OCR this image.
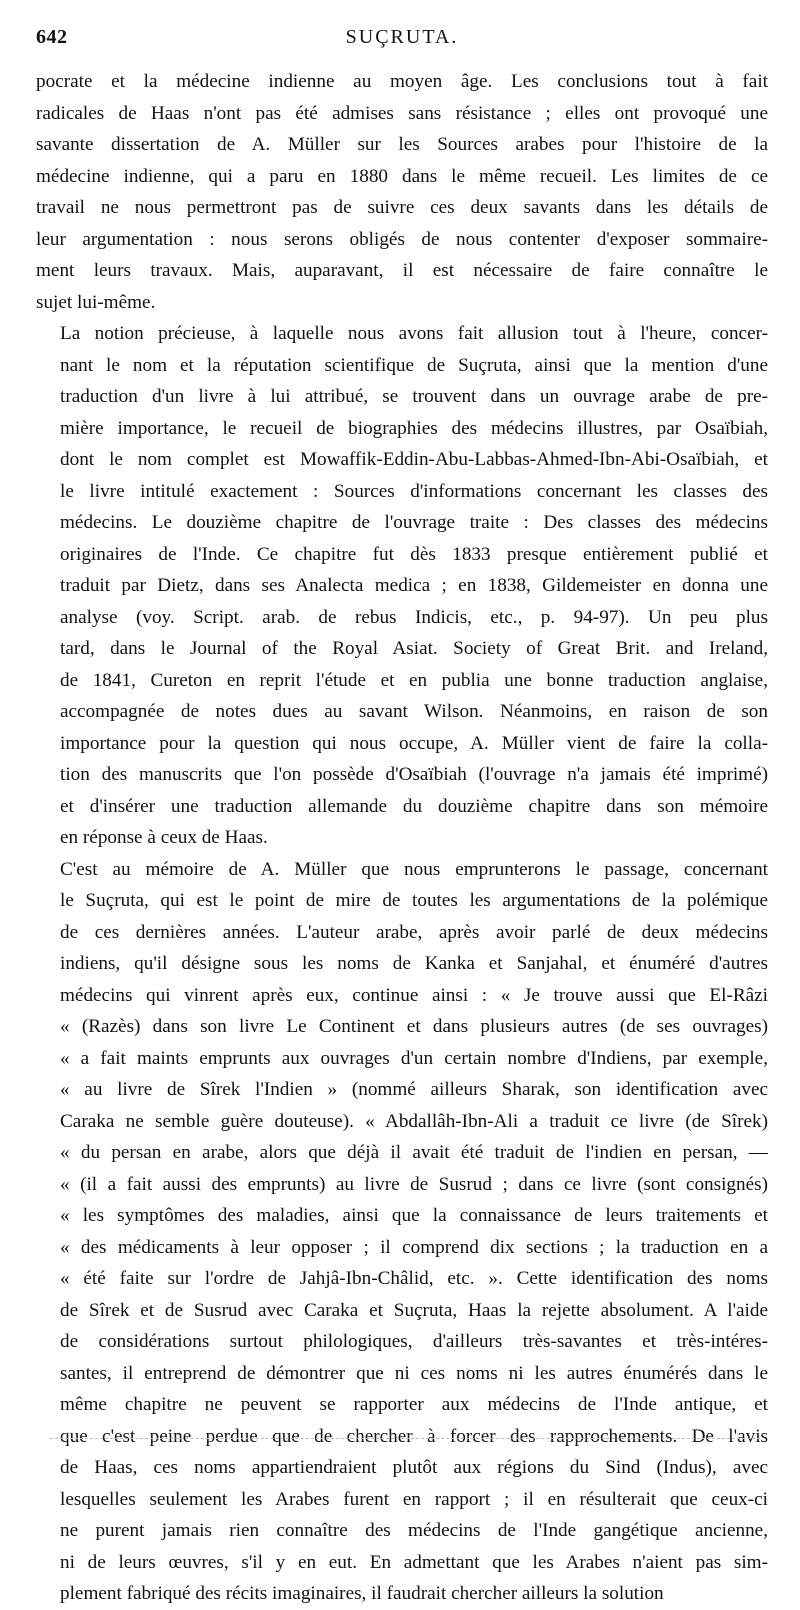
642	SUÇRUTA.

pocrate et la médecine indienne au moyen âge. Les conclusions tout à fait
radicales de Haas n'ont pas été admises sans résistance ; elles ont provoqué une
savante dissertation de A. Müller sur les Sources arabes pour l'histoire de la
médecine indienne, qui a paru en 1880 dans le même recueil. Les limites de ce
travail ne nous permettront pas de suivre ces deux savants dans les détails de
leur argumentation : nous serons obligés de nous contenter d'exposer sommaire-
ment leurs travaux. Mais, auparavant, il est nécessaire de faire connaître le
sujet lui-même.

La notion précieuse, à laquelle nous avons fait allusion tout à l'heure, concer-
nant le nom et la réputation scientifique de Suçruta, ainsi que la mention d'une
traduction d'un livre à lui attribué, se trouvent dans un ouvrage arabe de pre-
mière importance, le recueil de biographies des médecins illustres, par Osaïbiah,
dont le nom complet est Mowaffik-Eddin-Abu-Labbas-Ahmed-Ibn-Abi-Osaïbiah, et
le livre intitulé exactement : Sources d'informations concernant les classes des
médecins. Le douzième chapitre de l'ouvrage traite : Des classes des médecins
originaires de l'Inde. Ce chapitre fut dès 1833 presque entièrement publié et
traduit par Dietz, dans ses Analecta medica ; en 1838, Gildemeister en donna une
analyse (voy. Script. arab. de rebus Indicis, etc., p. 94-97). Un peu plus
tard, dans le Journal of the Royal Asiat. Society of Great Brit. and Ireland,
de 1841, Cureton en reprit l'étude et en publia une bonne traduction anglaise,
accompagnée de notes dues au savant Wilson. Néanmoins, en raison de son
importance pour la question qui nous occupe, A. Müller vient de faire la colla-
tion des manuscrits que l'on possède d'Osaïbiah (l'ouvrage n'a jamais été imprimé)
et d'insérer une traduction allemande du douzième chapitre dans son mémoire
en réponse à ceux de Haas.

C'est au mémoire de A. Müller que nous emprunterons le passage, concernant
le Suçruta, qui est le point de mire de toutes les argumentations de la polémique
de ces dernières années. L'auteur arabe, après avoir parlé de deux médecins
indiens, qu'il désigne sous les noms de Kanka et Sanjahal, et énuméré d'autres
médecins qui vinrent après eux, continue ainsi : « Je trouve aussi que El-Râzi
« (Razès) dans son livre Le Continent et dans plusieurs autres (de ses ouvrages)
« a fait maints emprunts aux ouvrages d'un certain nombre d'Indiens, par exemple,
« au livre de Sîrek l'Indien » (nommé ailleurs Sharak, son identification avec
Caraka ne semble guère douteuse). « Abdallâh-Ibn-Ali a traduit ce livre (de Sîrek)
« du persan en arabe, alors que déjà il avait été traduit de l'indien en persan, —
« (il a fait aussi des emprunts) au livre de Susrud ; dans ce livre (sont consignés)
« les symptômes des maladies, ainsi que la connaissance de leurs traitements et
« des médicaments à leur opposer ; il comprend dix sections ; la traduction en a
« été faite sur l'ordre de Jahjâ-Ibn-Châlid, etc. ». Cette identification des noms
de Sîrek et de Susrud avec Caraka et Suçruta, Haas la rejette absolument. A l'aide
de considérations surtout philologiques, d'ailleurs très-savantes et très-intéres-
santes, il entreprend de démontrer que ni ces noms ni les autres énumérés dans le
même chapitre ne peuvent se rapporter aux médecins de l'Inde antique, et
que c'est peine perdue que de chercher à forcer des rapprochements. De l'avis
de Haas, ces noms appartiendraient plutôt aux régions du Sind (Indus), avec
lesquelles seulement les Arabes furent en rapport ; il en résulterait que ceux-ci
ne purent jamais rien connaître des médecins de l'Inde gangétique ancienne,
ni de leurs œuvres, s'il y en eut. En admettant que les Arabes n'aient pas sim-
plement fabriqué des récits imaginaires, il faudrait chercher ailleurs la solution
